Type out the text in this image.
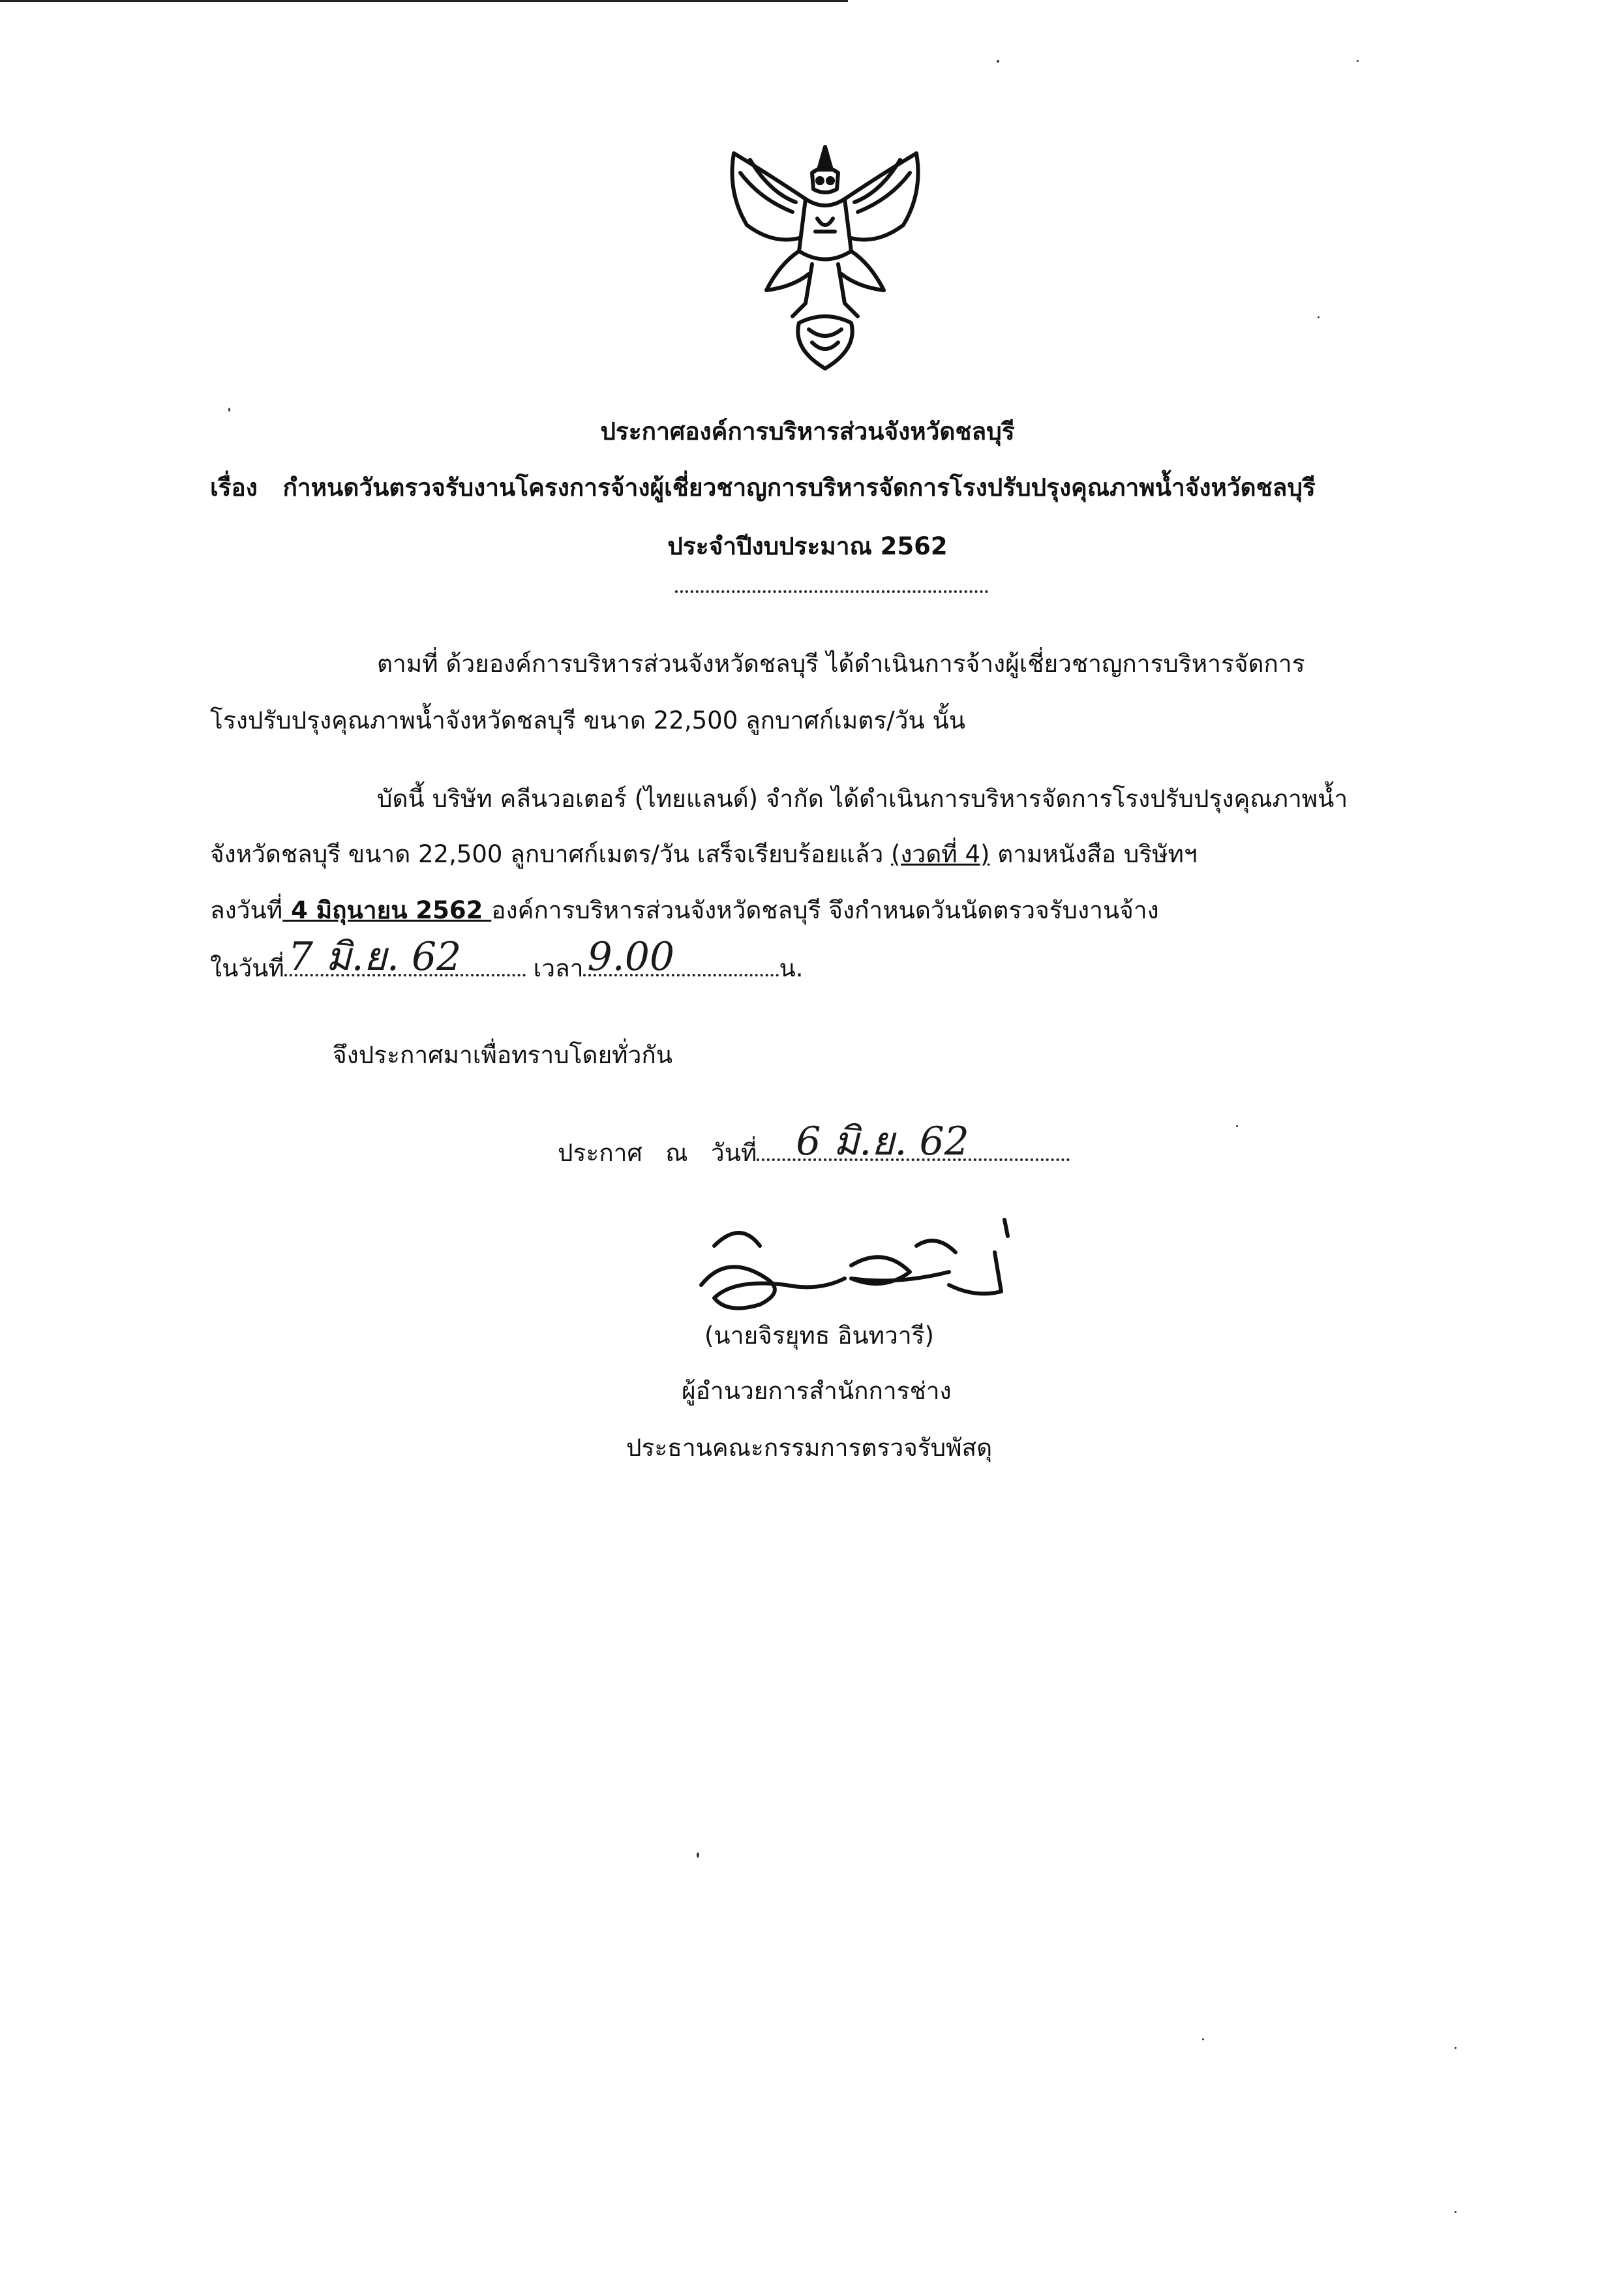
ประกาศองค์การบริหารส่วนจังหวัดชลบุรี
เรื่อง กำหนดวันตรวจรับงานโครงการจ้างผู้เชี่ยวชาญการบริหารจัดการโรงปรับปรุงคุณภาพน้ำจังหวัดชลบุรี
ประจำปีงบประมาณ 2562
ตามที่ ด้วยองค์การบริหารส่วนจังหวัดชลบุรี ได้ดำเนินการจ้างผู้เชี่ยวชาญการบริหารจัดการ
โรงปรับปรุงคุณภาพน้ำจังหวัดชลบุรี ขนาด 22,500 ลูกบาศก์เมตร/วัน นั้น
บัดนี้ บริษัท คลีนวอเตอร์ (ไทยแลนด์) จำกัด ได้ดำเนินการบริหารจัดการโรงปรับปรุงคุณภาพน้ำ
จังหวัดชลบุรี ขนาด 22,500 ลูกบาศก์เมตร/วัน เสร็จเรียบร้อยแล้ว (งวดที่ 4) ตามหนังสือ บริษัทฯ
ลงวันที่ 4 มิถุนายน 2562 องค์การบริหารส่วนจังหวัดชลบุรี จึงกำหนดวันนัดตรวจรับงานจ้าง
ในวันที่ 7 มิ.ย. 62	เวลา 9.00	น.
จึงประกาศมาเพื่อทราบโดยทั่วกัน
ประกาศ ณ วันที่ 6 มิ.ย. 62
(นายจิรยุทธ อินทวารี)
ผู้อำนวยการสำนักการช่าง
ประธานคณะกรรมการตรวจรับพัสดุ
